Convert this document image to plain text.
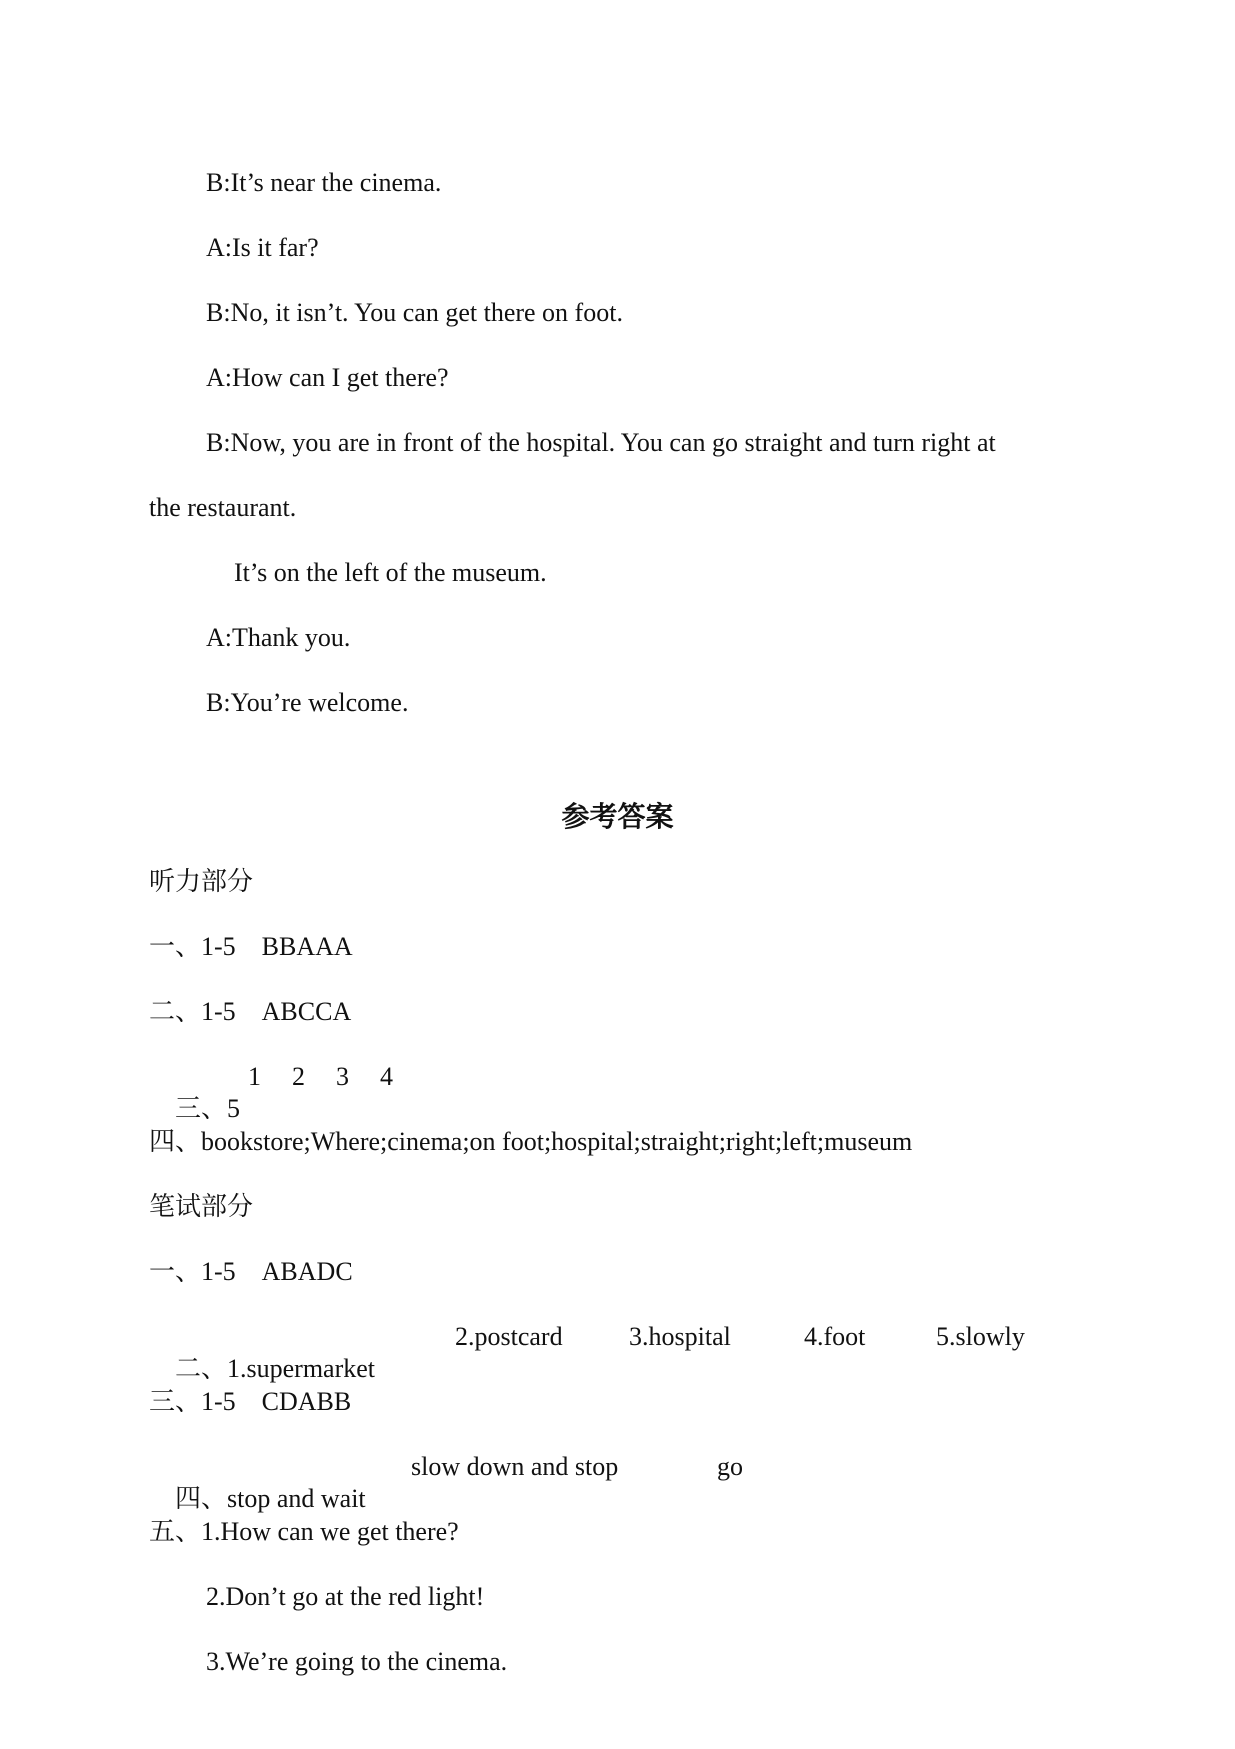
B:It’s near the cinema.
A:Is it far?
B:No, it isn’t. You can get there on foot.
A:How can I get there?
B:Now, you are in front of the hospital. You can go straight and turn right at
the restaurant.
It’s on the left of the museum.
A:Thank you.
B:You’re welcome.
参考答案
听力部分
一、1-5    BBAAA
二、1-5    ABCCA

三、5

1

2

3

4

四、bookstore;Where;cinema;on foot;hospital;straight;right;left;museum
笔试部分
一、1-5    ABADC

二、1.supermarket

2.postcard

	3.hospital

	4.foot

	5.slowly

三、1-5    CDABB

四、stop and wait

slow down and stop

	go

五、1.How can we get there?
2.Don’t go at the red light!
3.We’re going to the cinema.
